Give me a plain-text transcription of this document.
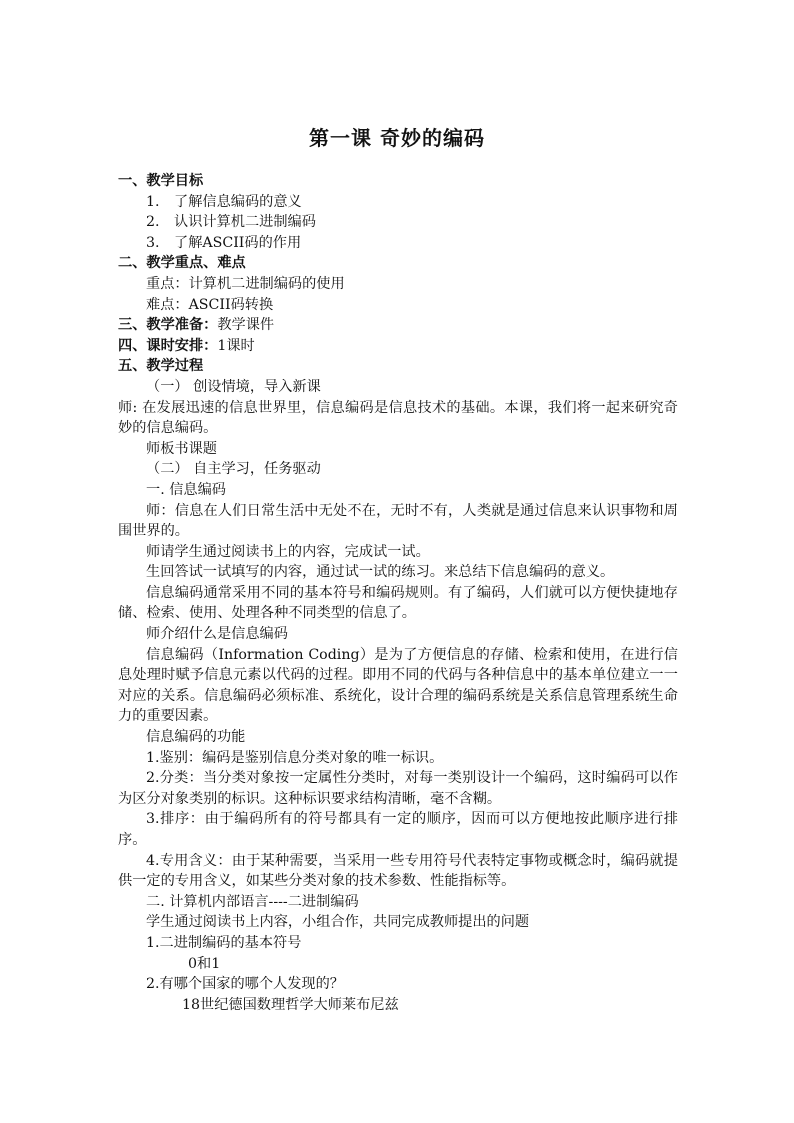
第一课 奇妙的编码
一、教学目标
1. 了解信息编码的意义
2. 认识计算机二进制编码
3. 了解ASCII码的作用
二、教学重点、难点
重点：计算机二进制编码的使用
难点：ASCII码转换
三、教学准备：教学课件
四、课时安排：1课时
五、教学过程
（一） 创设情境，导入新课
师: 在发展迅速的信息世界里，信息编码是信息技术的基础。本课，我们将一起来研究奇妙的信息编码。
师板书课题
（二） 自主学习，任务驱动
一. 信息编码
师：信息在人们日常生活中无处不在，无时不有，人类就是通过信息来认识事物和周围世界的。
师请学生通过阅读书上的内容，完成试一试。
生回答试一试填写的内容，通过试一试的练习。来总结下信息编码的意义。
信息编码通常采用不同的基本符号和编码规则。有了编码，人们就可以方便快捷地存储、检索、使用、处理各种不同类型的信息了。
师介绍什么是信息编码
信息编码（Information Coding）是为了方便信息的存储、检索和使用，在进行信息处理时赋予信息元素以代码的过程。即用不同的代码与各种信息中的基本单位建立一一对应的关系。信息编码必须标准、系统化，设计合理的编码系统是关系信息管理系统生命力的重要因素。
信息编码的功能
1.鉴别：编码是鉴别信息分类对象的唯一标识。
2.分类：当分类对象按一定属性分类时，对每一类别设计一个编码，这时编码可以作为区分对象类别的标识。这种标识要求结构清晰，毫不含糊。
3.排序：由于编码所有的符号都具有一定的顺序，因而可以方便地按此顺序进行排序。
4.专用含义：由于某种需要，当采用一些专用符号代表特定事物或概念时，编码就提供一定的专用含义，如某些分类对象的技术参数、性能指标等。
二. 计算机内部语言----二进制编码
学生通过阅读书上内容，小组合作，共同完成教师提出的问题
1.二进制编码的基本符号
0和1
2.有哪个国家的哪个人发现的？
18世纪德国数理哲学大师莱布尼兹
